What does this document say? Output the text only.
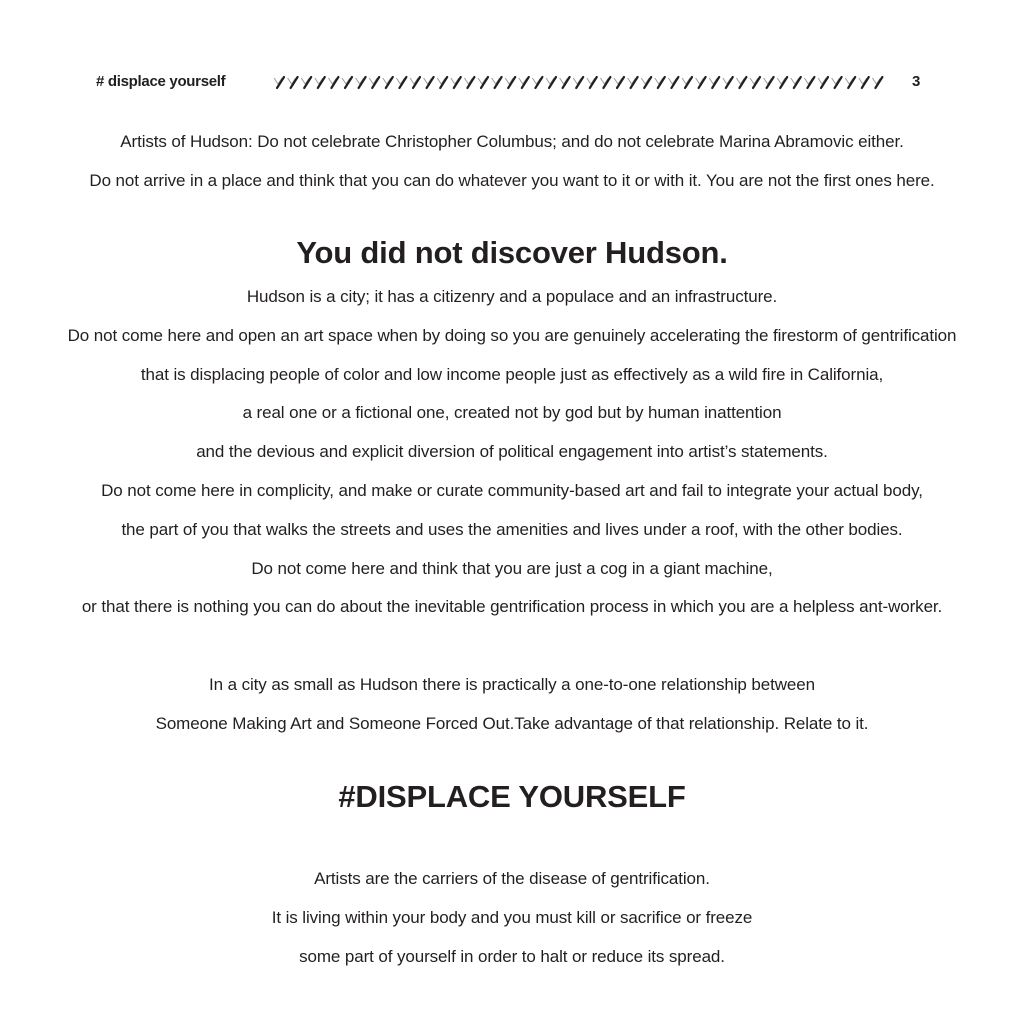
# displace yourself	3
Artists of Hudson: Do not celebrate Christopher Columbus; and do not celebrate Marina Abramovic either.
Do not arrive in a place and think that you can do whatever you want to it or with it. You are not the first ones here.
You did not discover Hudson.
Hudson is a city; it has a citizenry and a populace and an infrastructure.
Do not come here and open an art space when by doing so you are genuinely accelerating the firestorm of gentrification
that is displacing people of color and low income people just as effectively as a wild fire in California,
a real one or a fictional one, created not by god but by human inattention
and the devious and explicit diversion of political engagement into artist’s statements.
Do not come here in complicity, and make or curate community-based art and fail to integrate your actual body,
the part of you that walks the streets and uses the amenities and lives under a roof, with the other bodies.
Do not come here and think that you are just a cog in a giant machine,
or that there is nothing you can do about the inevitable gentrification process in which you are a helpless ant-worker.
In a city as small as Hudson there is practically a one-to-one relationship between
Someone Making Art and Someone Forced Out.Take advantage of that relationship. Relate to it.
#DISPLACE YOURSELF
Artists are the carriers of the disease of gentrification.
It is living within your body and you must kill or sacrifice or freeze
some part of yourself in order to halt or reduce its spread.
